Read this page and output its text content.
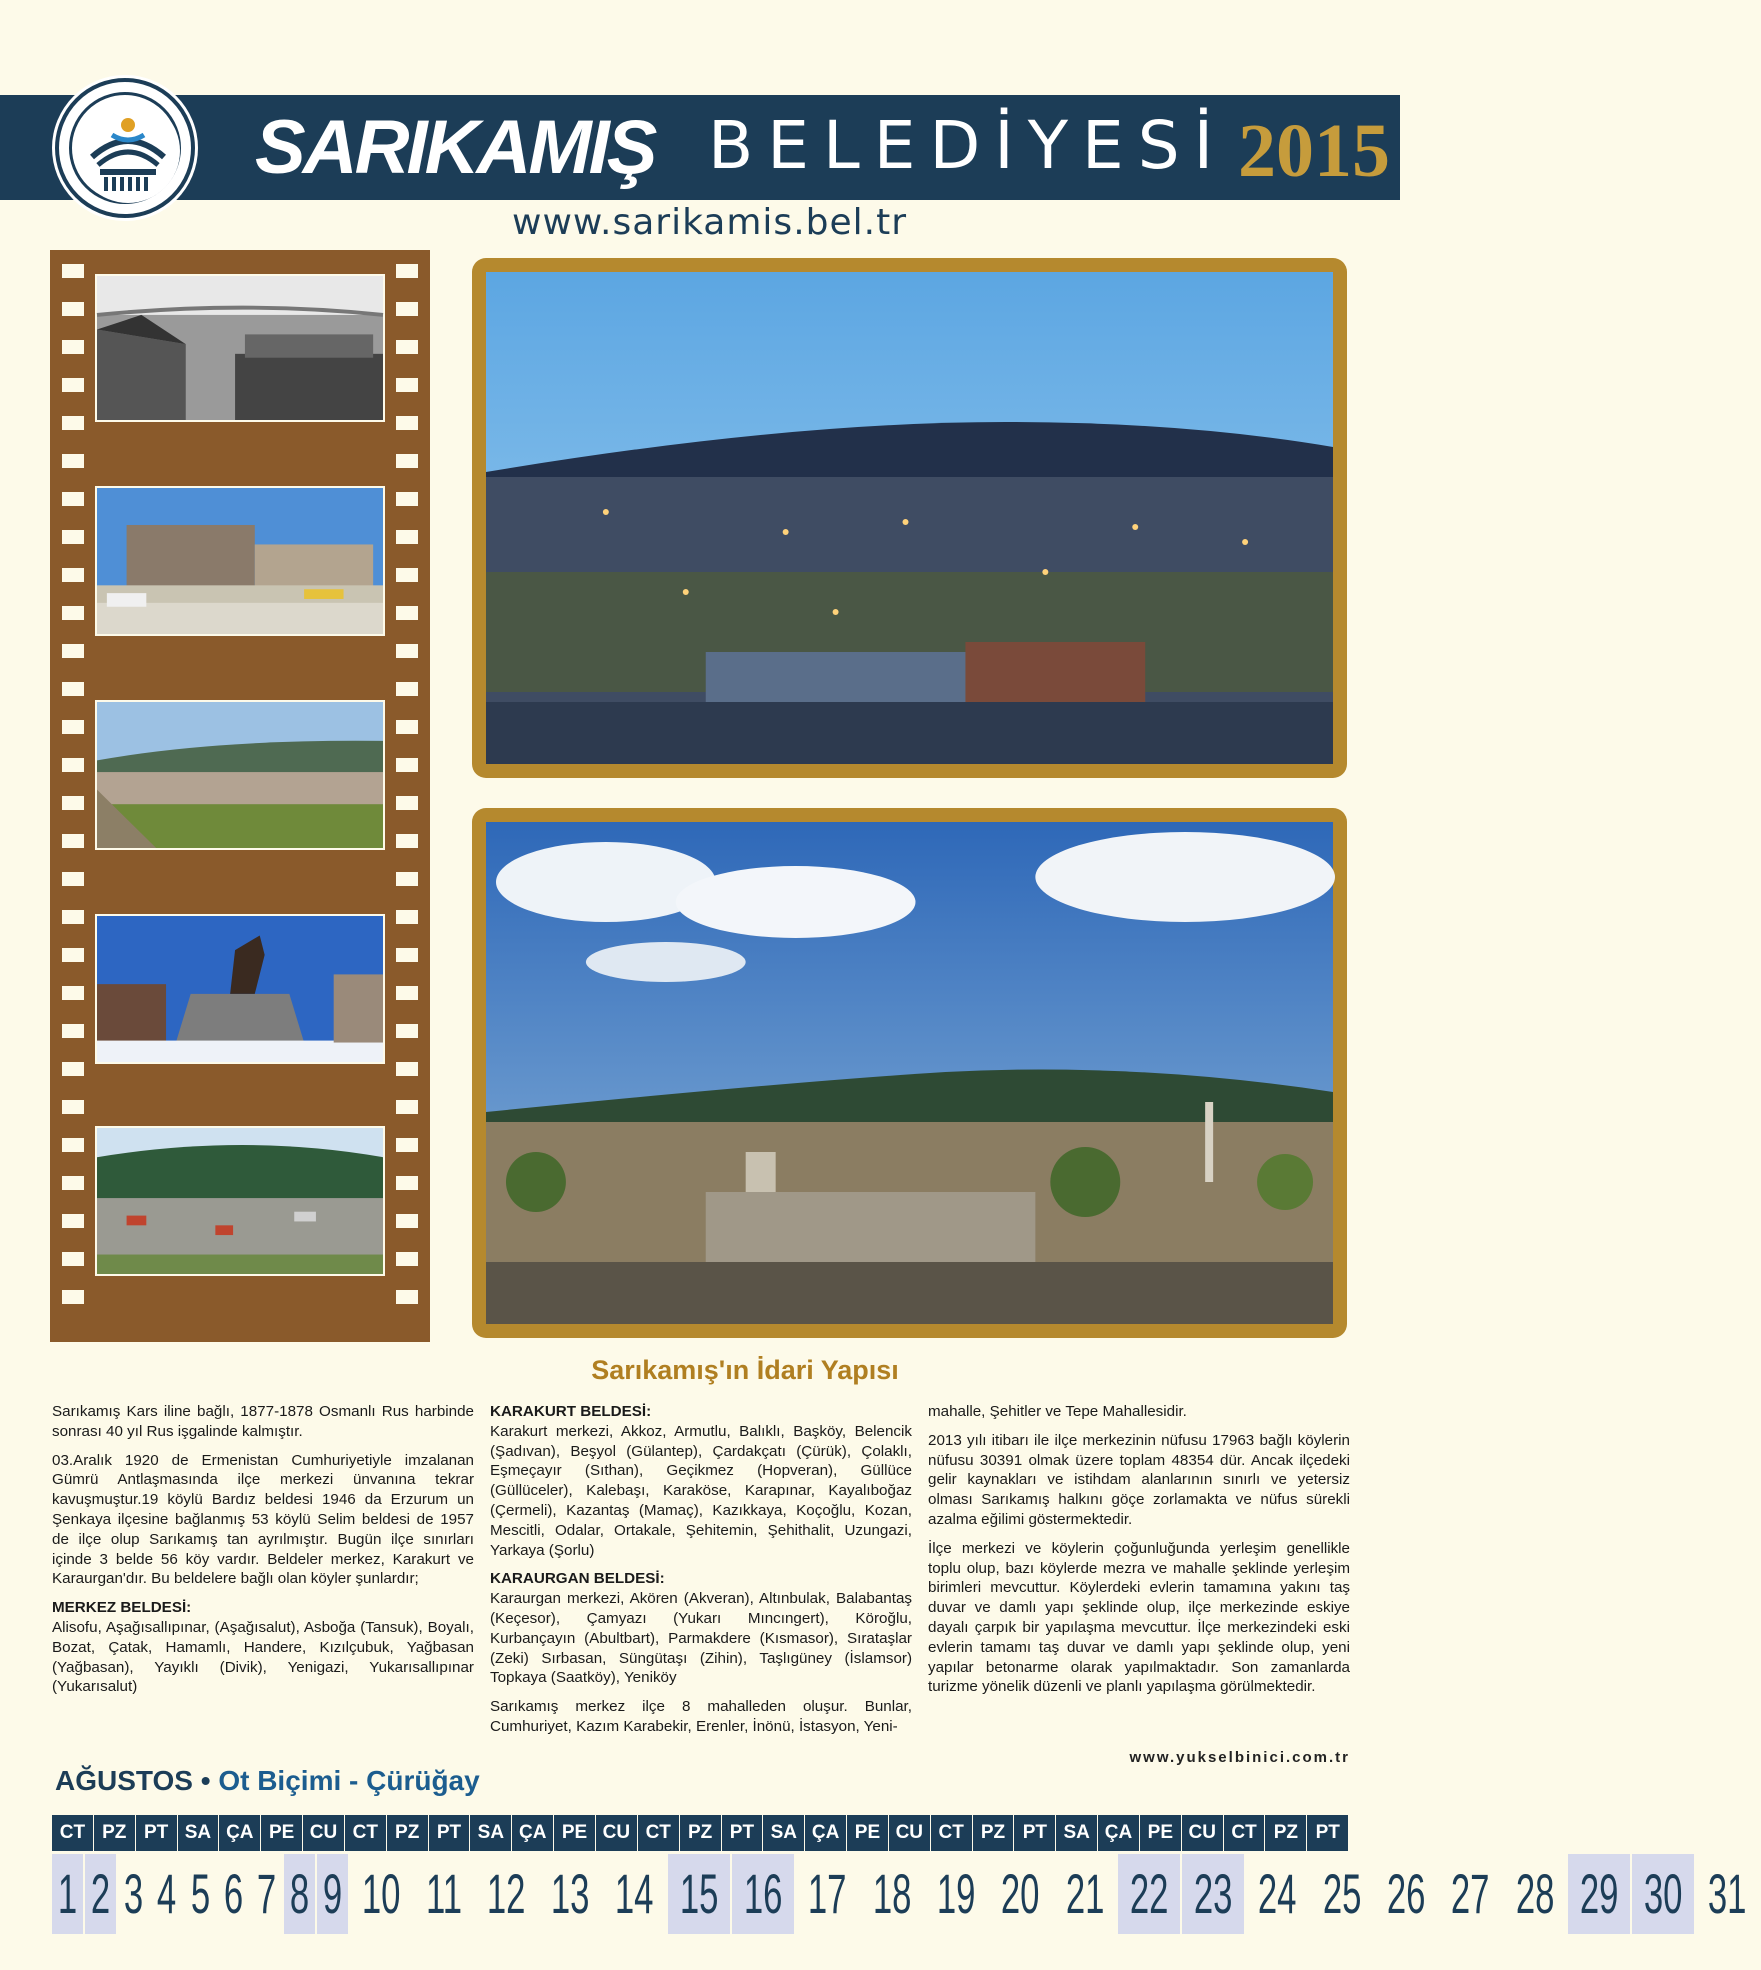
SARIKAMIŞ BELEDİYESİ 2015
www.sarikamis.bel.tr
Sarıkamış'ın İdari Yapısı

Sarıkamış Kars iline bağlı, 1877-1878 Osmanlı Rus harbinde sonrası 40 yıl Rus işgalinde kalmıştır.

03.Aralık 1920 de Ermenistan Cumhuriyetiyle imzalanan Gümrü Antlaşmasında ilçe merkezi ünvanına tekrar kavuşmuştur.19 köylü Bardız beldesi 1946 da Erzurum un Şenkaya ilçesine bağlanmış 53 köylü Selim beldesi de 1957 de ilçe olup Sarıkamış tan ayrılmıştır. Bugün ilçe sınırları içinde 3 belde 56 köy vardır. Beldeler merkez, Karakurt ve Karaurgan'dır. Bu beldelere bağlı olan köyler şunlardır;

MERKEZ BELDESİ:

Alisofu, Aşağısallıpınar, (Aşağısalut), Asboğa (Tansuk), Boyalı, Bozat, Çatak, Hamamlı, Handere, Kızılçubuk, Yağbasan (Yağbasan), Yayıklı (Divik), Yenigazi, Yukarısallıpınar (Yukarısalut)

KARAKURT BELDESİ:

Karakurt merkezi, Akkoz, Armutlu, Balıklı, Başköy, Belencik (Şadıvan), Beşyol (Gülantep), Çardakçatı (Çürük), Çolaklı, Eşmeçayır (Sıthan), Geçikmez (Hopveran), Güllüce (Güllüceler), Kalebaşı, Karaköse, Karapınar, Kayalıboğaz (Çermeli), Kazantaş (Mamaç), Kazıkkaya, Koçoğlu, Kozan, Mescitli, Odalar, Ortakale, Şehitemin, Şehithalit, Uzungazi, Yarkaya (Şorlu)

KARAURGAN BELDESİ:

Karaurgan merkezi, Akören (Akveran), Altınbulak, Balabantaş (Keçesor), Çamyazı (Yukarı Mıncıngert), Köroğlu, Kurbançayın (Abultbart), Parmakdere (Kısmasor), Sırataşlar (Zeki) Sırbasan, Süngütaşı (Zihin), Taşlıgüney (İslamsor) Topkaya (Saatköy), Yeniköy

Sarıkamış merkez ilçe 8 mahalleden oluşur. Bunlar, Cumhuriyet, Kazım Karabekir, Erenler, İnönü, İstasyon, Yeni-

mahalle, Şehitler ve Tepe Mahallesidir.

2013 yılı itibarı ile ilçe merkezinin nüfusu 17963 bağlı köylerin nüfusu 30391 olmak üzere toplam 48354 dür. Ancak ilçedeki gelir kaynakları ve istihdam alanlarının sınırlı ve yetersiz olması Sarıkamış halkını göçe zorlamakta ve nüfus sürekli azalma eğilimi göstermektedir.

İlçe merkezi ve köylerin çoğunluğunda yerleşim genellikle toplu olup, bazı köylerde mezra ve mahalle şeklinde yerleşim birimleri mevcuttur. Köylerdeki evlerin tamamına yakını taş duvar ve damlı yapı şeklinde olup, ilçe merkezinde eskiye dayalı çarpık bir yapılaşma mevcuttur. İlçe merkezindeki eski evlerin tamamı taş duvar ve damlı yapı şeklinde olup, yeni yapılar betonarme olarak yapılmaktadır. Son zamanlarda turizme yönelik düzenli ve planlı yapılaşma görülmektedir.

www.yukselbinici.com.tr
AĞUSTOS • Ot Biçimi - Çürüğay
CT PZ PT SA ÇA PE CU CT PZ PT SA ÇA PE CU CT PZ PT SA ÇA PE CU CT PZ PT SA ÇA PE CU CT PZ PT
1 2 3 4 5 6 7 8 9 10 11 12 13 14 15 16 17 18 19 20 21 22 23 24 25 26 27 28 29 30 31
